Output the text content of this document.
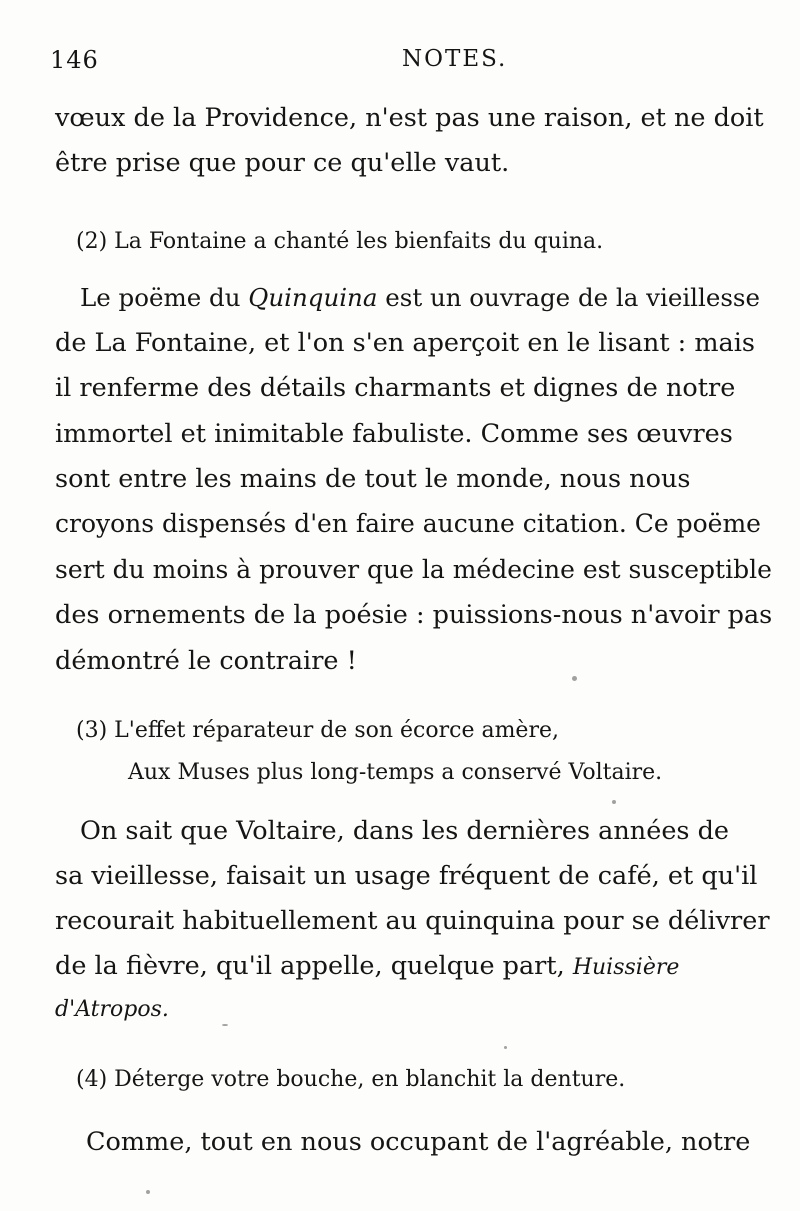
146	NOTES.
vœux de la Providence, n'est pas une raison, et ne doit
être prise que pour ce qu'elle vaut.
(2) La Fontaine a chanté les bienfaits du quina.
Le poëme du Quinquina est un ouvrage de la vieillesse
de La Fontaine, et l'on s'en aperçoit en le lisant : mais
il renferme des détails charmants et dignes de notre
immortel et inimitable fabuliste. Comme ses œuvres
sont entre les mains de tout le monde, nous nous
croyons dispensés d'en faire aucune citation. Ce poëme
sert du moins à prouver que la médecine est susceptible
des ornements de la poésie : puissions-nous n'avoir pas
démontré le contraire !
(3) L'effet réparateur de son écorce amère,
Aux Muses plus long-temps a conservé Voltaire.
On sait que Voltaire, dans les dernières années de
sa vieillesse, faisait un usage fréquent de café, et qu'il
recourait habituellement au quinquina pour se délivrer
de la fièvre, qu'il appelle, quelque part, Huissière
d'Atropos.
(4) Déterge votre bouche, en blanchit la denture.
Comme, tout en nous occupant de l'agréable, notre
